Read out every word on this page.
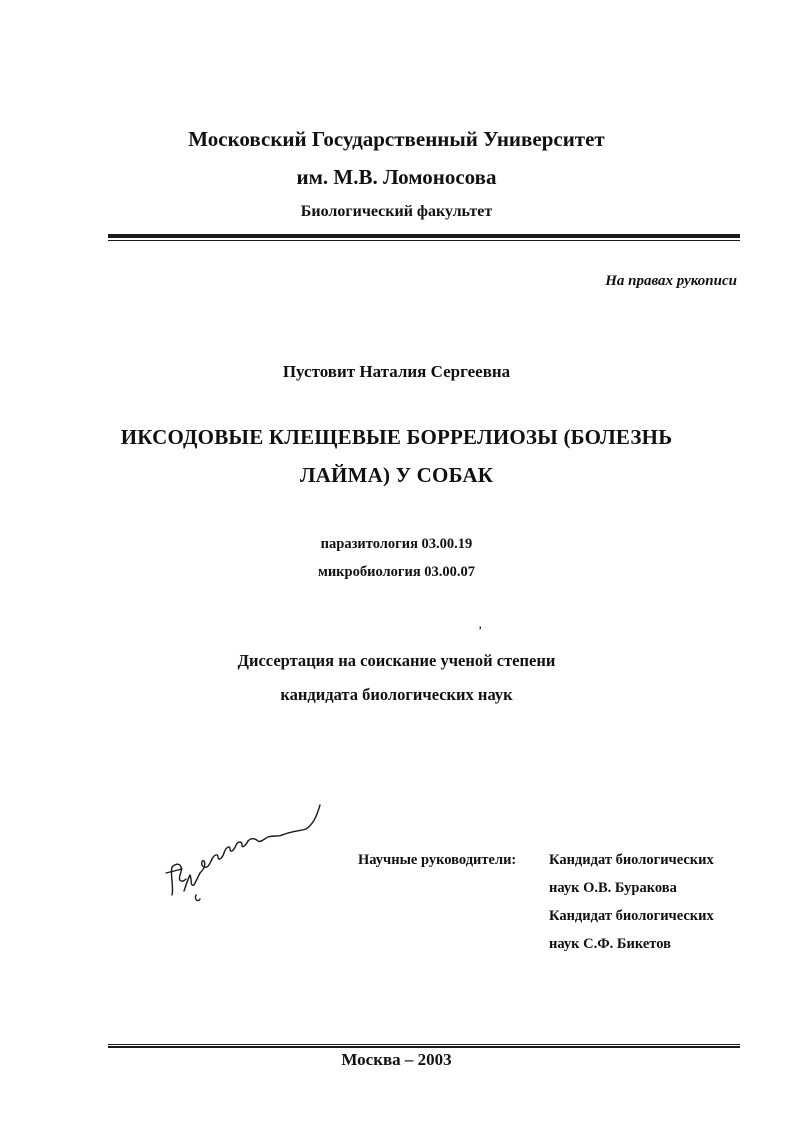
Московский Государственный Университет
им. М.В. Ломоносова
Биологический факультет
На правах рукописи
Пустовит Наталия Сергеевна
ИКСОДОВЫЕ КЛЕЩЕВЫЕ БОРРЕЛИОЗЫ (БОЛЕЗНЬ
ЛАЙМА) У СОБАК
паразитология 03.00.19
микробиология 03.00.07
,
Диссертация на соискание ученой степени
кандидата биологических наук
Научные руководители: Кандидат биологических
наук О.В. Буракова
Кандидат биологических
наук С.Ф. Бикетов
Москва – 2003
